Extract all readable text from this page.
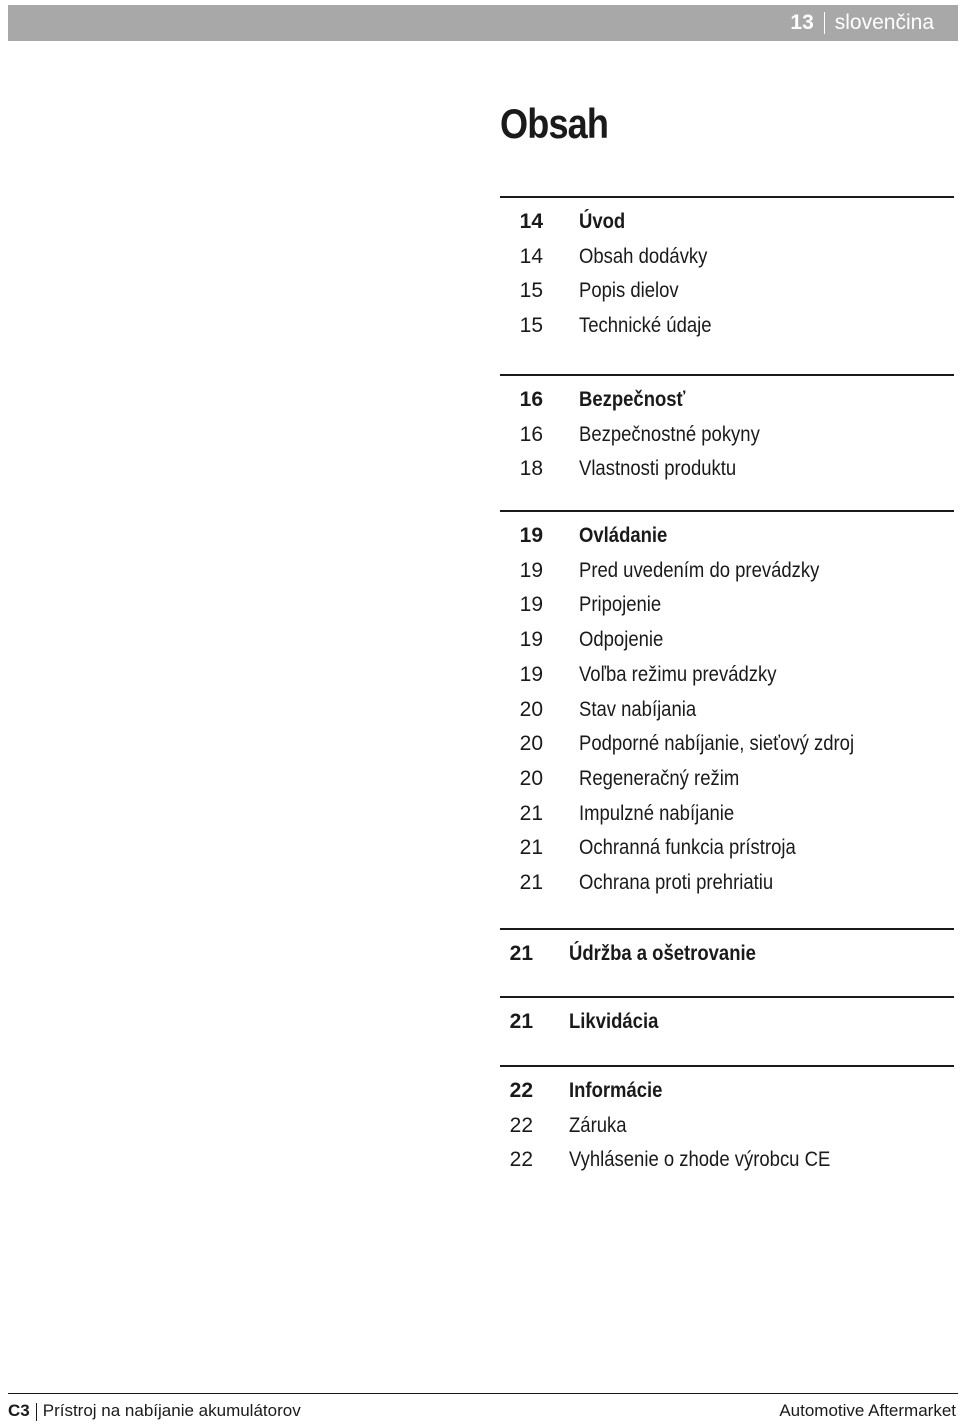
13 slovenčina
Obsah
14 Úvod
14 Obsah dodávky
15 Popis dielov
15 Technické údaje
16 Bezpečnosť
16 Bezpečnostné pokyny
18 Vlastnosti produktu
19 Ovládanie
19 Pred uvedením do prevádzky
19 Pripojenie
19 Odpojenie
19 Voľba režimu prevádzky
20 Stav nabíjania
20 Podporné nabíjanie, sieťový zdroj
20 Regeneračný režim
21 Impulzné nabíjanie
21 Ochranná funkcia prístroja
21 Ochrana proti prehriatiu
21 Údržba a ošetrovanie
21 Likvidácia
22 Informácie
22 Záruka
22 Vyhlásenie o zhode výrobcu CE
C3 Prístroj na nabíjanie akumulátorov	Automotive Aftermarket
